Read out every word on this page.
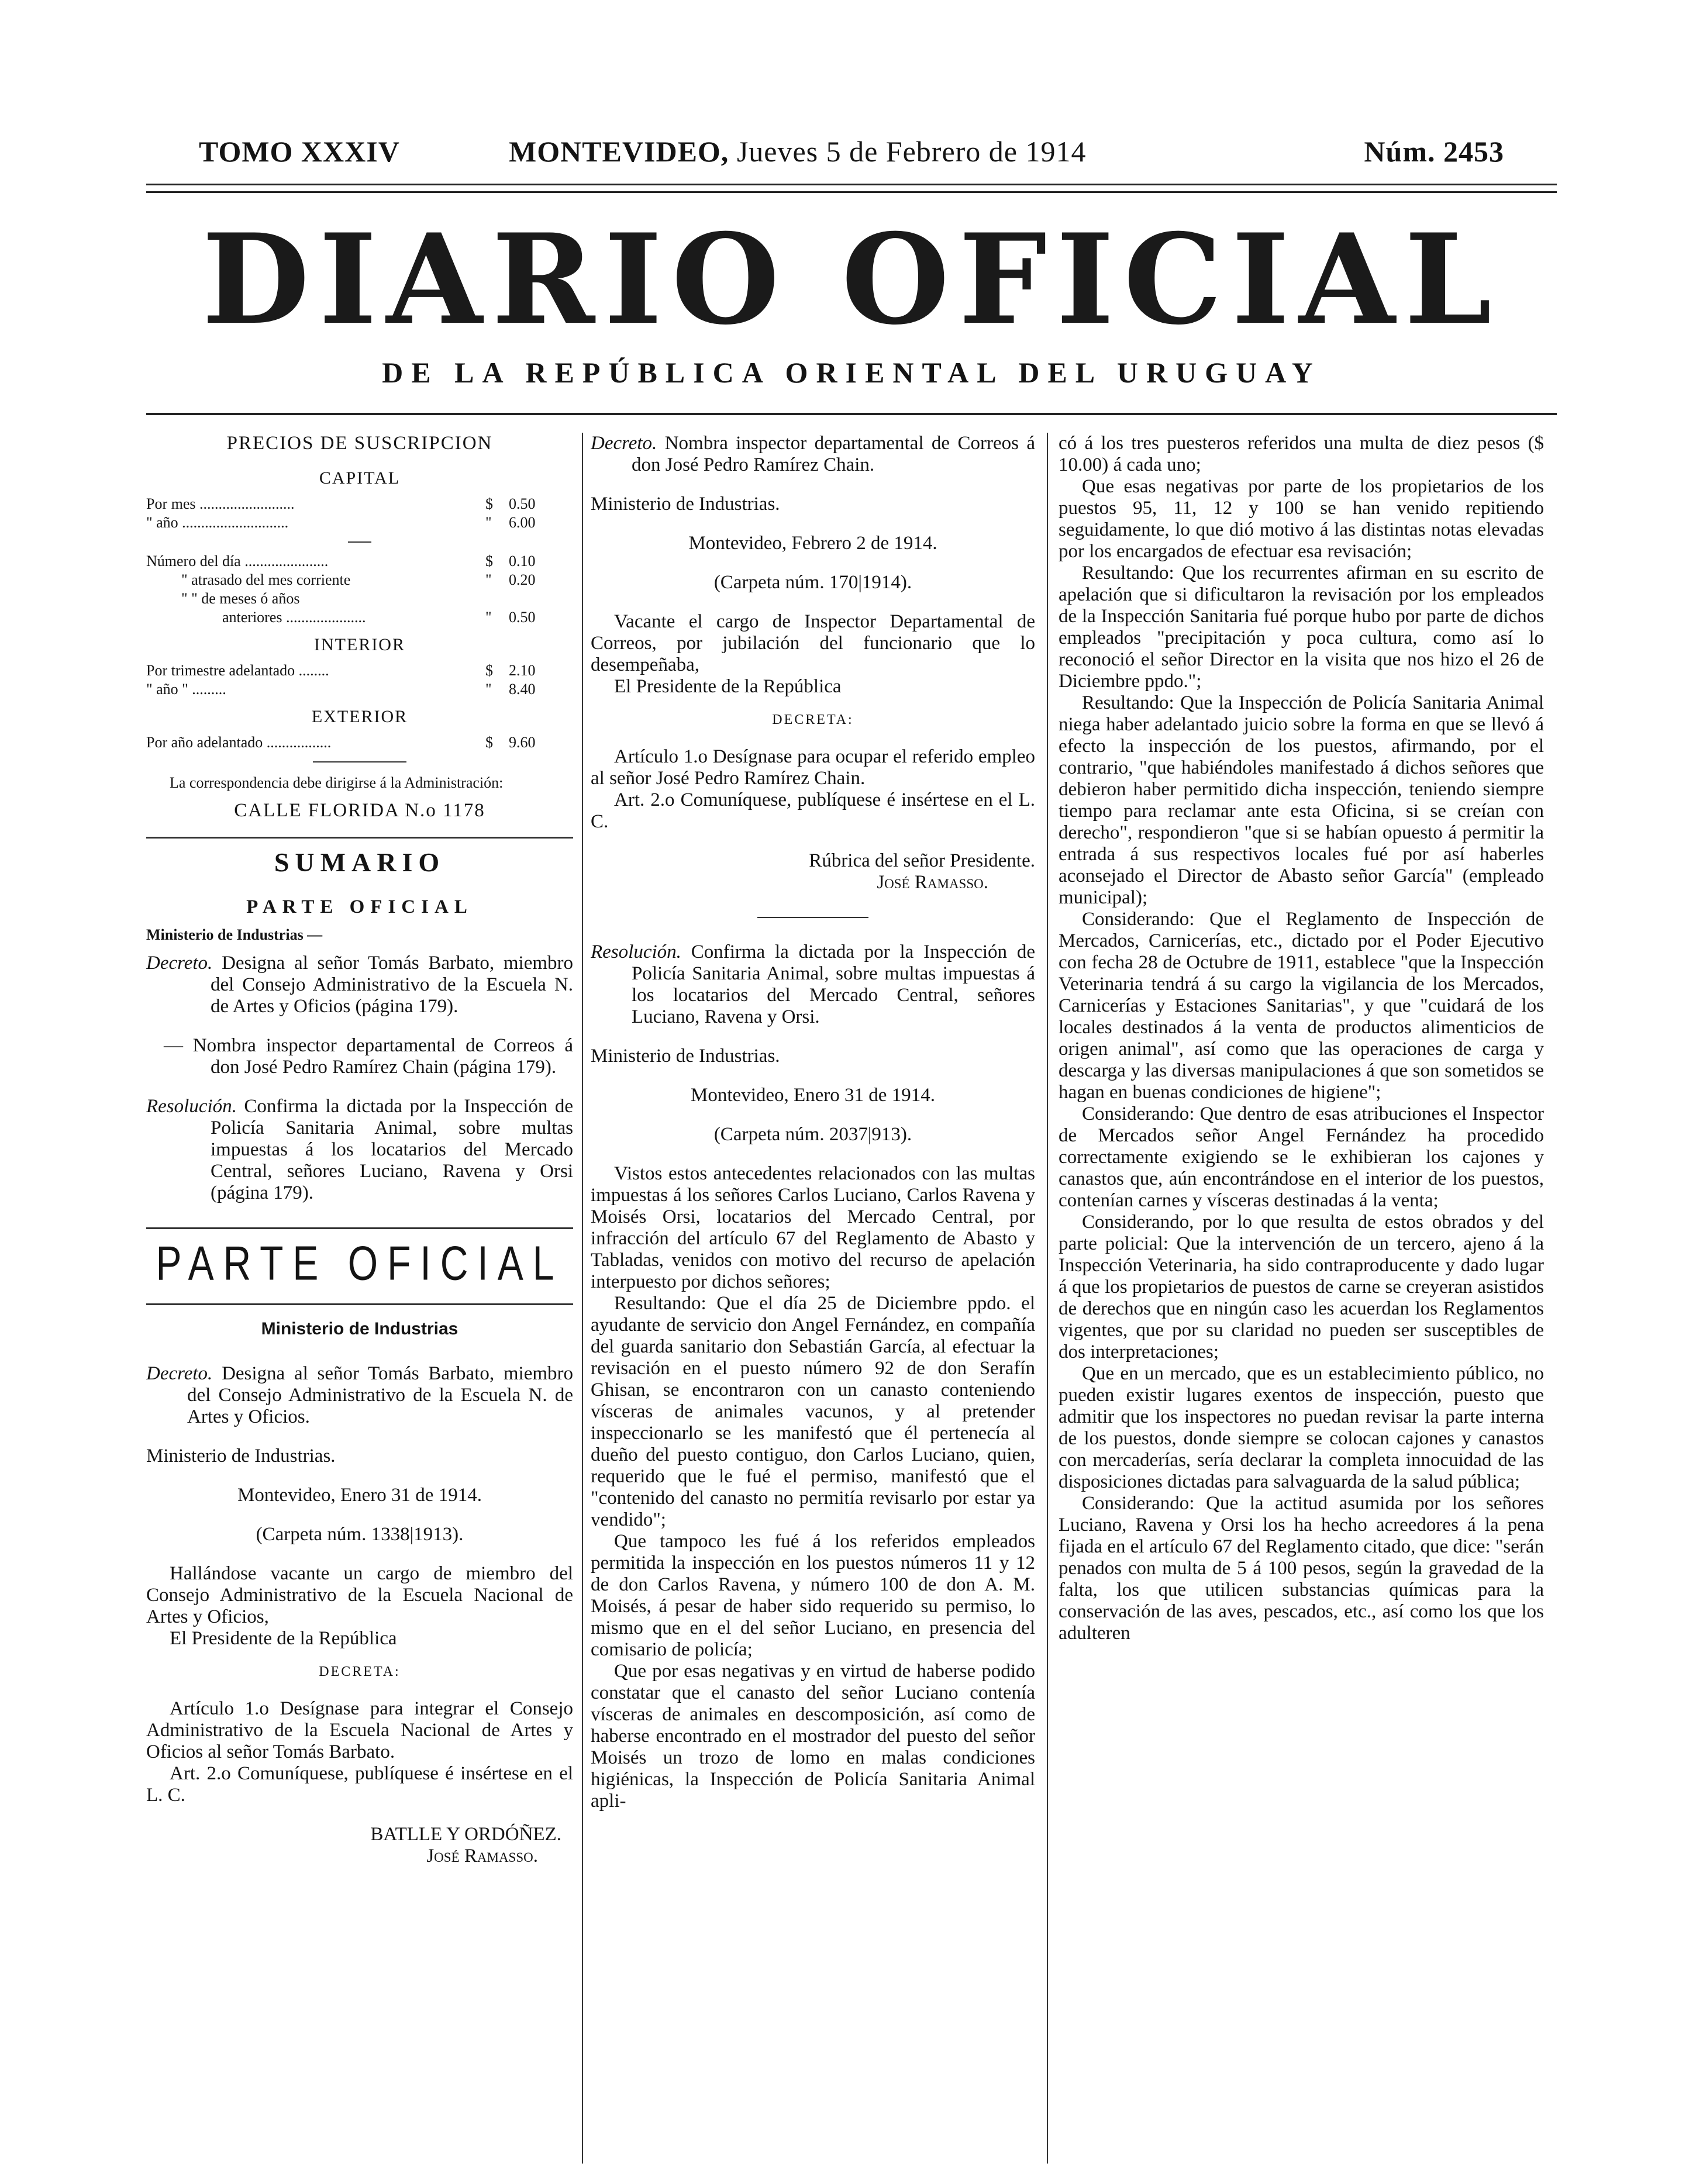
TOMO XXXIV	MONTEVIDEO, Jueves 5 de Febrero de 1914	Núm. 2453
DIARIO OFICIAL
DE LA REPÚBLICA ORIENTAL DEL URUGUAY
PRECIOS DE SUSCRIPCION
CAPITAL
Por mes .........................	$	0.50
" año ............................	"	6.00
Número del día ......................	$	0.10
" atrasado del mes corriente	"	0.20
" " de meses ó años
anteriores .....................	"	0.50
INTERIOR
Por trimestre adelantado ........	$	2.10
" año " .........	"	8.40
EXTERIOR
Por año adelantado .................	$	9.60

La correspondencia debe dirigirse á la Administración:

CALLE FLORIDA N.o 1178
SUMARIO
PARTE OFICIAL
Ministerio de Industrias —

Decreto. Designa al señor Tomás Barbato, miembro del Consejo Administrativo de la Escuela N. de Artes y Oficios (página 179).

— Nombra inspector departamental de Correos á don José Pedro Ramírez Chain (página 179).

Resolución. Confirma la dictada por la Inspección de Policía Sanitaria Animal, sobre multas impuestas á los locatarios del Mercado Central, señores Luciano, Ravena y Orsi (página 179).

PARTE OFICIAL
Ministerio de Industrias

Decreto. Designa al señor Tomás Barbato, miembro del Consejo Administrativo de la Escuela N. de Artes y Oficios.

Ministerio de Industrias.

Montevideo, Enero 31 de 1914.

(Carpeta núm. 1338|1913).

Hallándose vacante un cargo de miembro del Consejo Administrativo de la Escuela Nacional de Artes y Oficios,

El Presidente de la República

DECRETA:

Artículo 1.o Desígnase para integrar el Consejo Administrativo de la Escuela Nacional de Artes y Oficios al señor Tomás Barbato.

Art. 2.o Comuníquese, publíquese é insértese en el L. C.

BATLLE Y ORDÓÑEZ.

José Ramasso.

Decreto. Nombra inspector departamental de Correos á don José Pedro Ramírez Chain.

Ministerio de Industrias.

Montevideo, Febrero 2 de 1914.

(Carpeta núm. 170|1914).

Vacante el cargo de Inspector Departamental de Correos, por jubilación del funcionario que lo desempeñaba,

El Presidente de la República

DECRETA:

Artículo 1.o Desígnase para ocupar el referido empleo al señor José Pedro Ramírez Chain.

Art. 2.o Comuníquese, publíquese é insértese en el L. C.

Rúbrica del señor Presidente.

José Ramasso.

Resolución. Confirma la dictada por la Inspección de Policía Sanitaria Animal, sobre multas impuestas á los locatarios del Mercado Central, señores Luciano, Ravena y Orsi.

Ministerio de Industrias.

Montevideo, Enero 31 de 1914.

(Carpeta núm. 2037|913).

Vistos estos antecedentes relacionados con las multas impuestas á los señores Carlos Luciano, Carlos Ravena y Moisés Orsi, locatarios del Mercado Central, por infracción del artículo 67 del Reglamento de Abasto y Tabladas, venidos con motivo del recurso de apelación interpuesto por dichos señores;

Resultando: Que el día 25 de Diciembre ppdo. el ayudante de servicio don Angel Fernández, en compañía del guarda sanitario don Sebastián García, al efectuar la revisación en el puesto número 92 de don Serafín Ghisan, se encontraron con un canasto conteniendo vísceras de animales vacunos, y al pretender inspeccionarlo se les manifestó que él pertenecía al dueño del puesto contiguo, don Carlos Luciano, quien, requerido que le fué el permiso, manifestó que el "contenido del canasto no permitía revisarlo por estar ya vendido";

Que tampoco les fué á los referidos empleados permitida la inspección en los puestos números 11 y 12 de don Carlos Ravena, y número 100 de don A. M. Moisés, á pesar de haber sido requerido su permiso, lo mismo que en el del señor Luciano, en presencia del comisario de policía;

Que por esas negativas y en virtud de haberse podido constatar que el canasto del señor Luciano contenía vísceras de animales en descomposición, así como de haberse encontrado en el mostrador del puesto del señor Moisés un trozo de lomo en malas condiciones higiénicas, la Inspección de Policía Sanitaria Animal apli-

có á los tres puesteros referidos una multa de diez pesos ($ 10.00) á cada uno;

Que esas negativas por parte de los propietarios de los puestos 95, 11, 12 y 100 se han venido repitiendo seguidamente, lo que dió motivo á las distintas notas elevadas por los encargados de efectuar esa revisación;

Resultando: Que los recurrentes afirman en su escrito de apelación que si dificultaron la revisación por los empleados de la Inspección Sanitaria fué porque hubo por parte de dichos empleados "precipitación y poca cultura, como así lo reconoció el señor Director en la visita que nos hizo el 26 de Diciembre ppdo.";

Resultando: Que la Inspección de Policía Sanitaria Animal niega haber adelantado juicio sobre la forma en que se llevó á efecto la inspección de los puestos, afirmando, por el contrario, "que habiéndoles manifestado á dichos señores que debieron haber permitido dicha inspección, teniendo siempre tiempo para reclamar ante esta Oficina, si se creían con derecho", respondieron "que si se habían opuesto á permitir la entrada á sus respectivos locales fué por así haberles aconsejado el Director de Abasto señor García" (empleado municipal);

Considerando: Que el Reglamento de Inspección de Mercados, Carnicerías, etc., dictado por el Poder Ejecutivo con fecha 28 de Octubre de 1911, establece "que la Inspección Veterinaria tendrá á su cargo la vigilancia de los Mercados, Carnicerías y Estaciones Sanitarias", y que "cuidará de los locales destinados á la venta de productos alimenticios de origen animal", así como que las operaciones de carga y descarga y las diversas manipulaciones á que son sometidos se hagan en buenas condiciones de higiene";

Considerando: Que dentro de esas atribuciones el Inspector de Mercados señor Angel Fernández ha procedido correctamente exigiendo se le exhibieran los cajones y canastos que, aún encontrándose en el interior de los puestos, contenían carnes y vísceras destinadas á la venta;

Considerando, por lo que resulta de estos obrados y del parte policial: Que la intervención de un tercero, ajeno á la Inspección Veterinaria, ha sido contraproducente y dado lugar á que los propietarios de puestos de carne se creyeran asistidos de derechos que en ningún caso les acuerdan los Reglamentos vigentes, que por su claridad no pueden ser susceptibles de dos interpretaciones;

Que en un mercado, que es un establecimiento público, no pueden existir lugares exentos de inspección, puesto que admitir que los inspectores no puedan revisar la parte interna de los puestos, donde siempre se colocan cajones y canastos con mercaderías, sería declarar la completa innocuidad de las disposiciones dictadas para salvaguarda de la salud pública;

Considerando: Que la actitud asumida por los señores Luciano, Ravena y Orsi los ha hecho acreedores á la pena fijada en el artículo 67 del Reglamento citado, que dice: "serán penados con multa de 5 á 100 pesos, según la gravedad de la falta, los que utilicen substancias químicas para la conservación de las aves, pescados, etc., así como los que los adulteren
